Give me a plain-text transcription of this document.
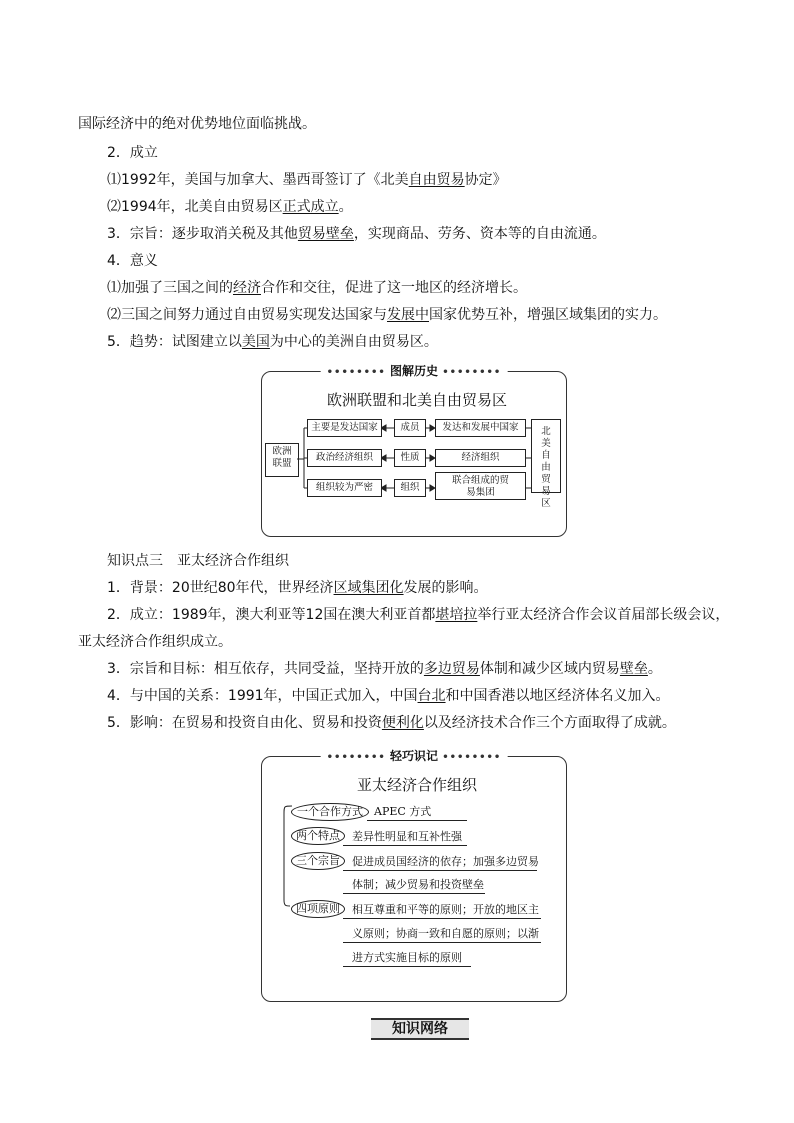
国际经济中的绝对优势地位面临挑战。
2．成立
⑴1992年，美国与加拿大、墨西哥签订了《北美自由贸易协定》
⑵1994年，北美自由贸易区正式成立。
3．宗旨：逐步取消关税及其他贸易壁垒，实现商品、劳务、资本等的自由流通。
4．意义
⑴加强了三国之间的经济合作和交往，促进了这一地区的经济增长。
⑵三国之间努力通过自由贸易实现发达国家与发展中国家优势互补，增强区域集团的实力。
5．趋势：试图建立以美国为中心的美洲自由贸易区。
•••••••• 图解历史 ••••••••
欧洲联盟和北美自由贸易区
欧洲联盟
北美自由贸易区
主要是发达国家	成员	发达和发展中国家
政治经济组织	性质	经济组织
组织较为严密	组织
联合组成的贸易集团
知识点三　亚太经济合作组织
1．背景：20世纪80年代，世界经济区域集团化发展的影响。
2．成立：1989年，澳大利亚等12国在澳大利亚首都堪培拉举行亚太经济合作会议首届部长级会议，
亚太经济合作组织成立。
3．宗旨和目标：相互依存，共同受益，坚持开放的多边贸易体制和减少区域内贸易壁垒。
4．与中国的关系：1991年，中国正式加入，中国台北和中国香港以地区经济体名义加入。
5．影响：在贸易和投资自由化、贸易和投资便利化以及经济技术合作三个方面取得了成就。
•••••••• 轻巧识记 ••••••••
亚太经济合作组织
一个合作方式	APEC 方式
两个特点	差异性明显和互补性强
三个宗旨	促进成员国经济的依存；加强多边贸易
体制；减少贸易和投资壁垒
四项原则	相互尊重和平等的原则；开放的地区主
义原则；协商一致和自愿的原则；以渐
进方式实施目标的原则
知识网络
